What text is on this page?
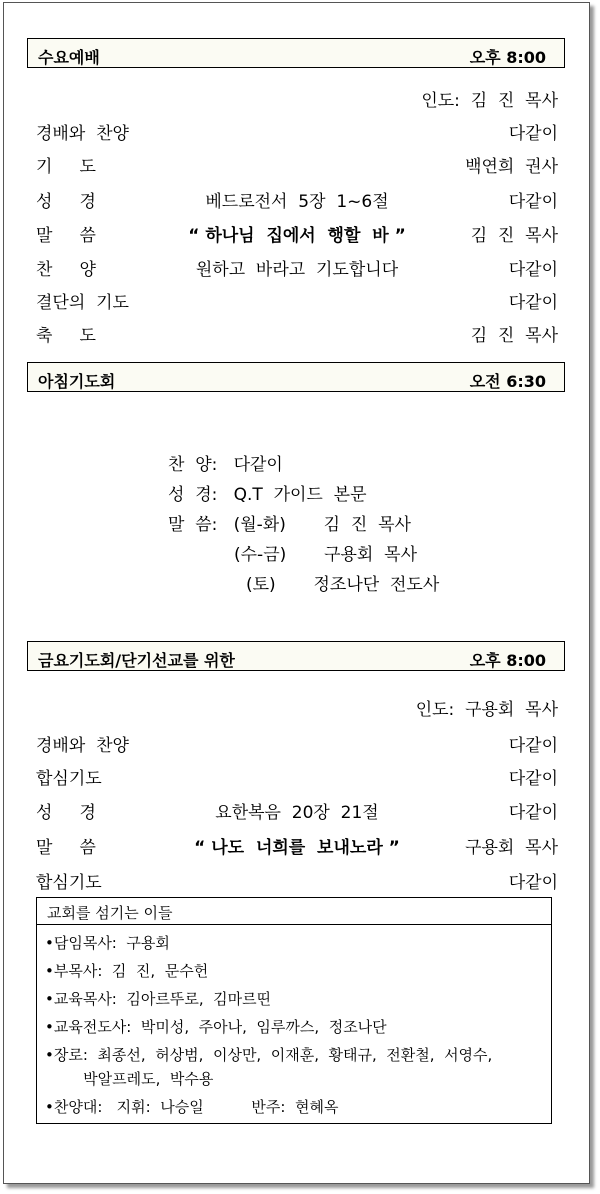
수요예배	오후 8:00
인도:  김  진  목사
경배와  찬양	다같이
기     도	백연희  권사
성     경	베드로전서  5장  1~6절	다같이
말     씀	“ 하나님  집에서  행할  바 ”	김  진  목사
찬     양	원하고  바라고  기도합니다	다같이
결단의  기도	다같이
축     도	김  진  목사
아침기도회	오전 6:30
찬  양:   다같이
성  경:   Q.T  가이드  본문
말  씀:   (월-화)       김  진  목사
(수-금)       구용회  목사
(토)       정조나단  전도사
금요기도회/단기선교를 위한	오후 8:00
인도:  구용회  목사
경배와  찬양	다같이
합심기도	다같이
성     경	요한복음  20장  21절	다같이
말     씀	“ 나도  너희를  보내노라 ”	구용회  목사
합심기도	다같이
교회를 섬기는 이들
•담임목사:  구용회
•부목사:  김  진,  문수헌
•교육목사:  김아르뚜로,  김마르띤
•교육전도사:  박미성,  주아나,  임루까스,  정조나단
•장로:  최종선,  허상범,  이상만,  이재훈,  황태규,  전환철,  서영수,
박알프레도,  박수용
•찬양대:   지휘:  나승일          반주:  현혜옥
